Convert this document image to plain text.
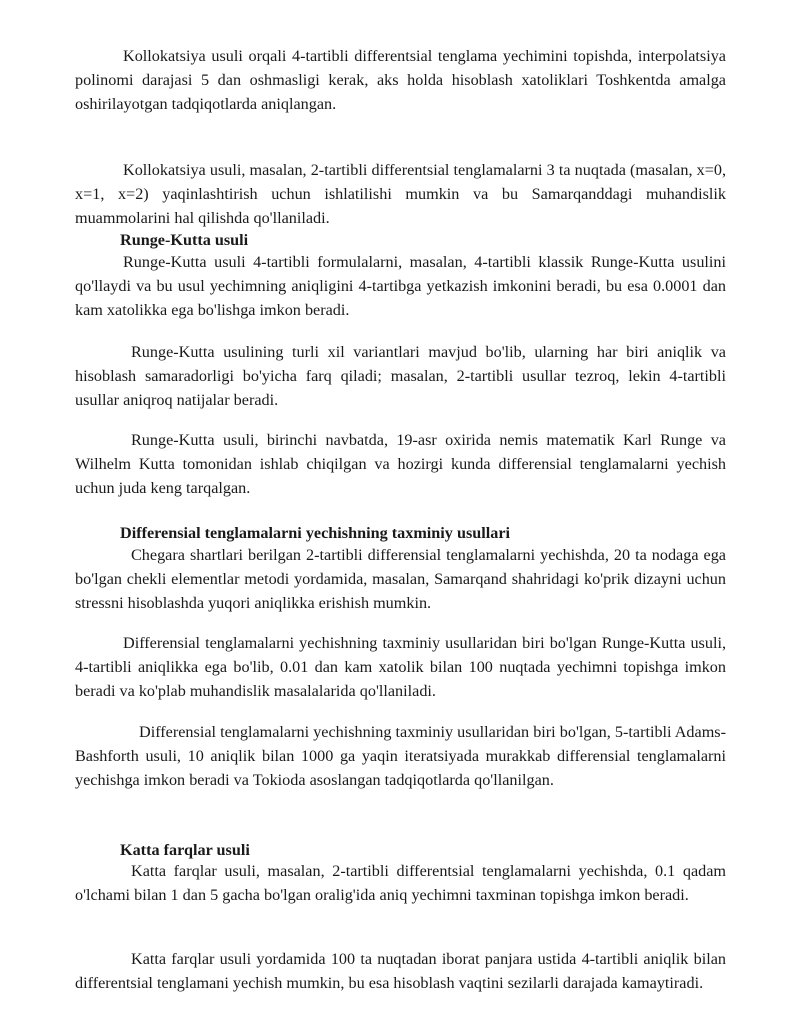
Kollokatsiya usuli orqali 4-tartibli differentsial tenglama yechimini topishda, interpolatsiya polinomi darajasi 5 dan oshmasligi kerak, aks holda hisoblash xatoliklari Toshkentda amalga oshirilayotgan tadqiqotlarda aniqlangan.

Kollokatsiya usuli, masalan, 2-tartibli differentsial tenglamalarni 3 ta nuqtada (masalan, x=0, x=1, x=2) yaqinlashtirish uchun ishlatilishi mumkin va bu Samarqanddagi muhandislik muammolarini hal qilishda qo'llaniladi.

Runge-Kutta usuli

Runge-Kutta usuli 4-tartibli formulalarni, masalan, 4-tartibli klassik Runge-Kutta usulini qo'llaydi va bu usul yechimning aniqligini 4-tartibga yetkazish imkonini beradi, bu esa 0.0001 dan kam xatolikka ega bo'lishga imkon beradi.

Runge-Kutta usulining turli xil variantlari mavjud bo'lib, ularning har biri aniqlik va hisoblash samaradorligi bo'yicha farq qiladi; masalan, 2-tartibli usullar tezroq, lekin 4-tartibli usullar aniqroq natijalar beradi.

Runge-Kutta usuli, birinchi navbatda, 19-asr oxirida nemis matematik Karl Runge va Wilhelm Kutta tomonidan ishlab chiqilgan va hozirgi kunda differensial tenglamalarni yechish uchun juda keng tarqalgan.

Differensial tenglamalarni yechishning taxminiy usullari

Chegara shartlari berilgan 2-tartibli differensial tenglamalarni yechishda, 20 ta nodaga ega bo'lgan chekli elementlar metodi yordamida, masalan, Samarqand shahridagi ko'prik dizayni uchun stressni hisoblashda yuqori aniqlikka erishish mumkin.

Differensial tenglamalarni yechishning taxminiy usullaridan biri bo'lgan Runge-Kutta usuli, 4-tartibli aniqlikka ega bo'lib, 0.01 dan kam xatolik bilan 100 nuqtada yechimni topishga imkon beradi va ko'plab muhandislik masalalarida qo'llaniladi.

Differensial tenglamalarni yechishning taxminiy usullaridan biri bo'lgan, 5-tartibli Adams-Bashforth usuli, 10 aniqlik bilan 1000 ga yaqin iteratsiyada murakkab differensial tenglamalarni yechishga imkon beradi va Tokioda asoslangan tadqiqotlarda qo'llanilgan.

Katta farqlar usuli

Katta farqlar usuli, masalan, 2-tartibli differentsial tenglamalarni yechishda, 0.1 qadam o'lchami bilan 1 dan 5 gacha bo'lgan oralig'ida aniq yechimni taxminan topishga imkon beradi.

Katta farqlar usuli yordamida 100 ta nuqtadan iborat panjara ustida 4-tartibli aniqlik bilan differentsial tenglamani yechish mumkin, bu esa hisoblash vaqtini sezilarli darajada kamaytiradi.
